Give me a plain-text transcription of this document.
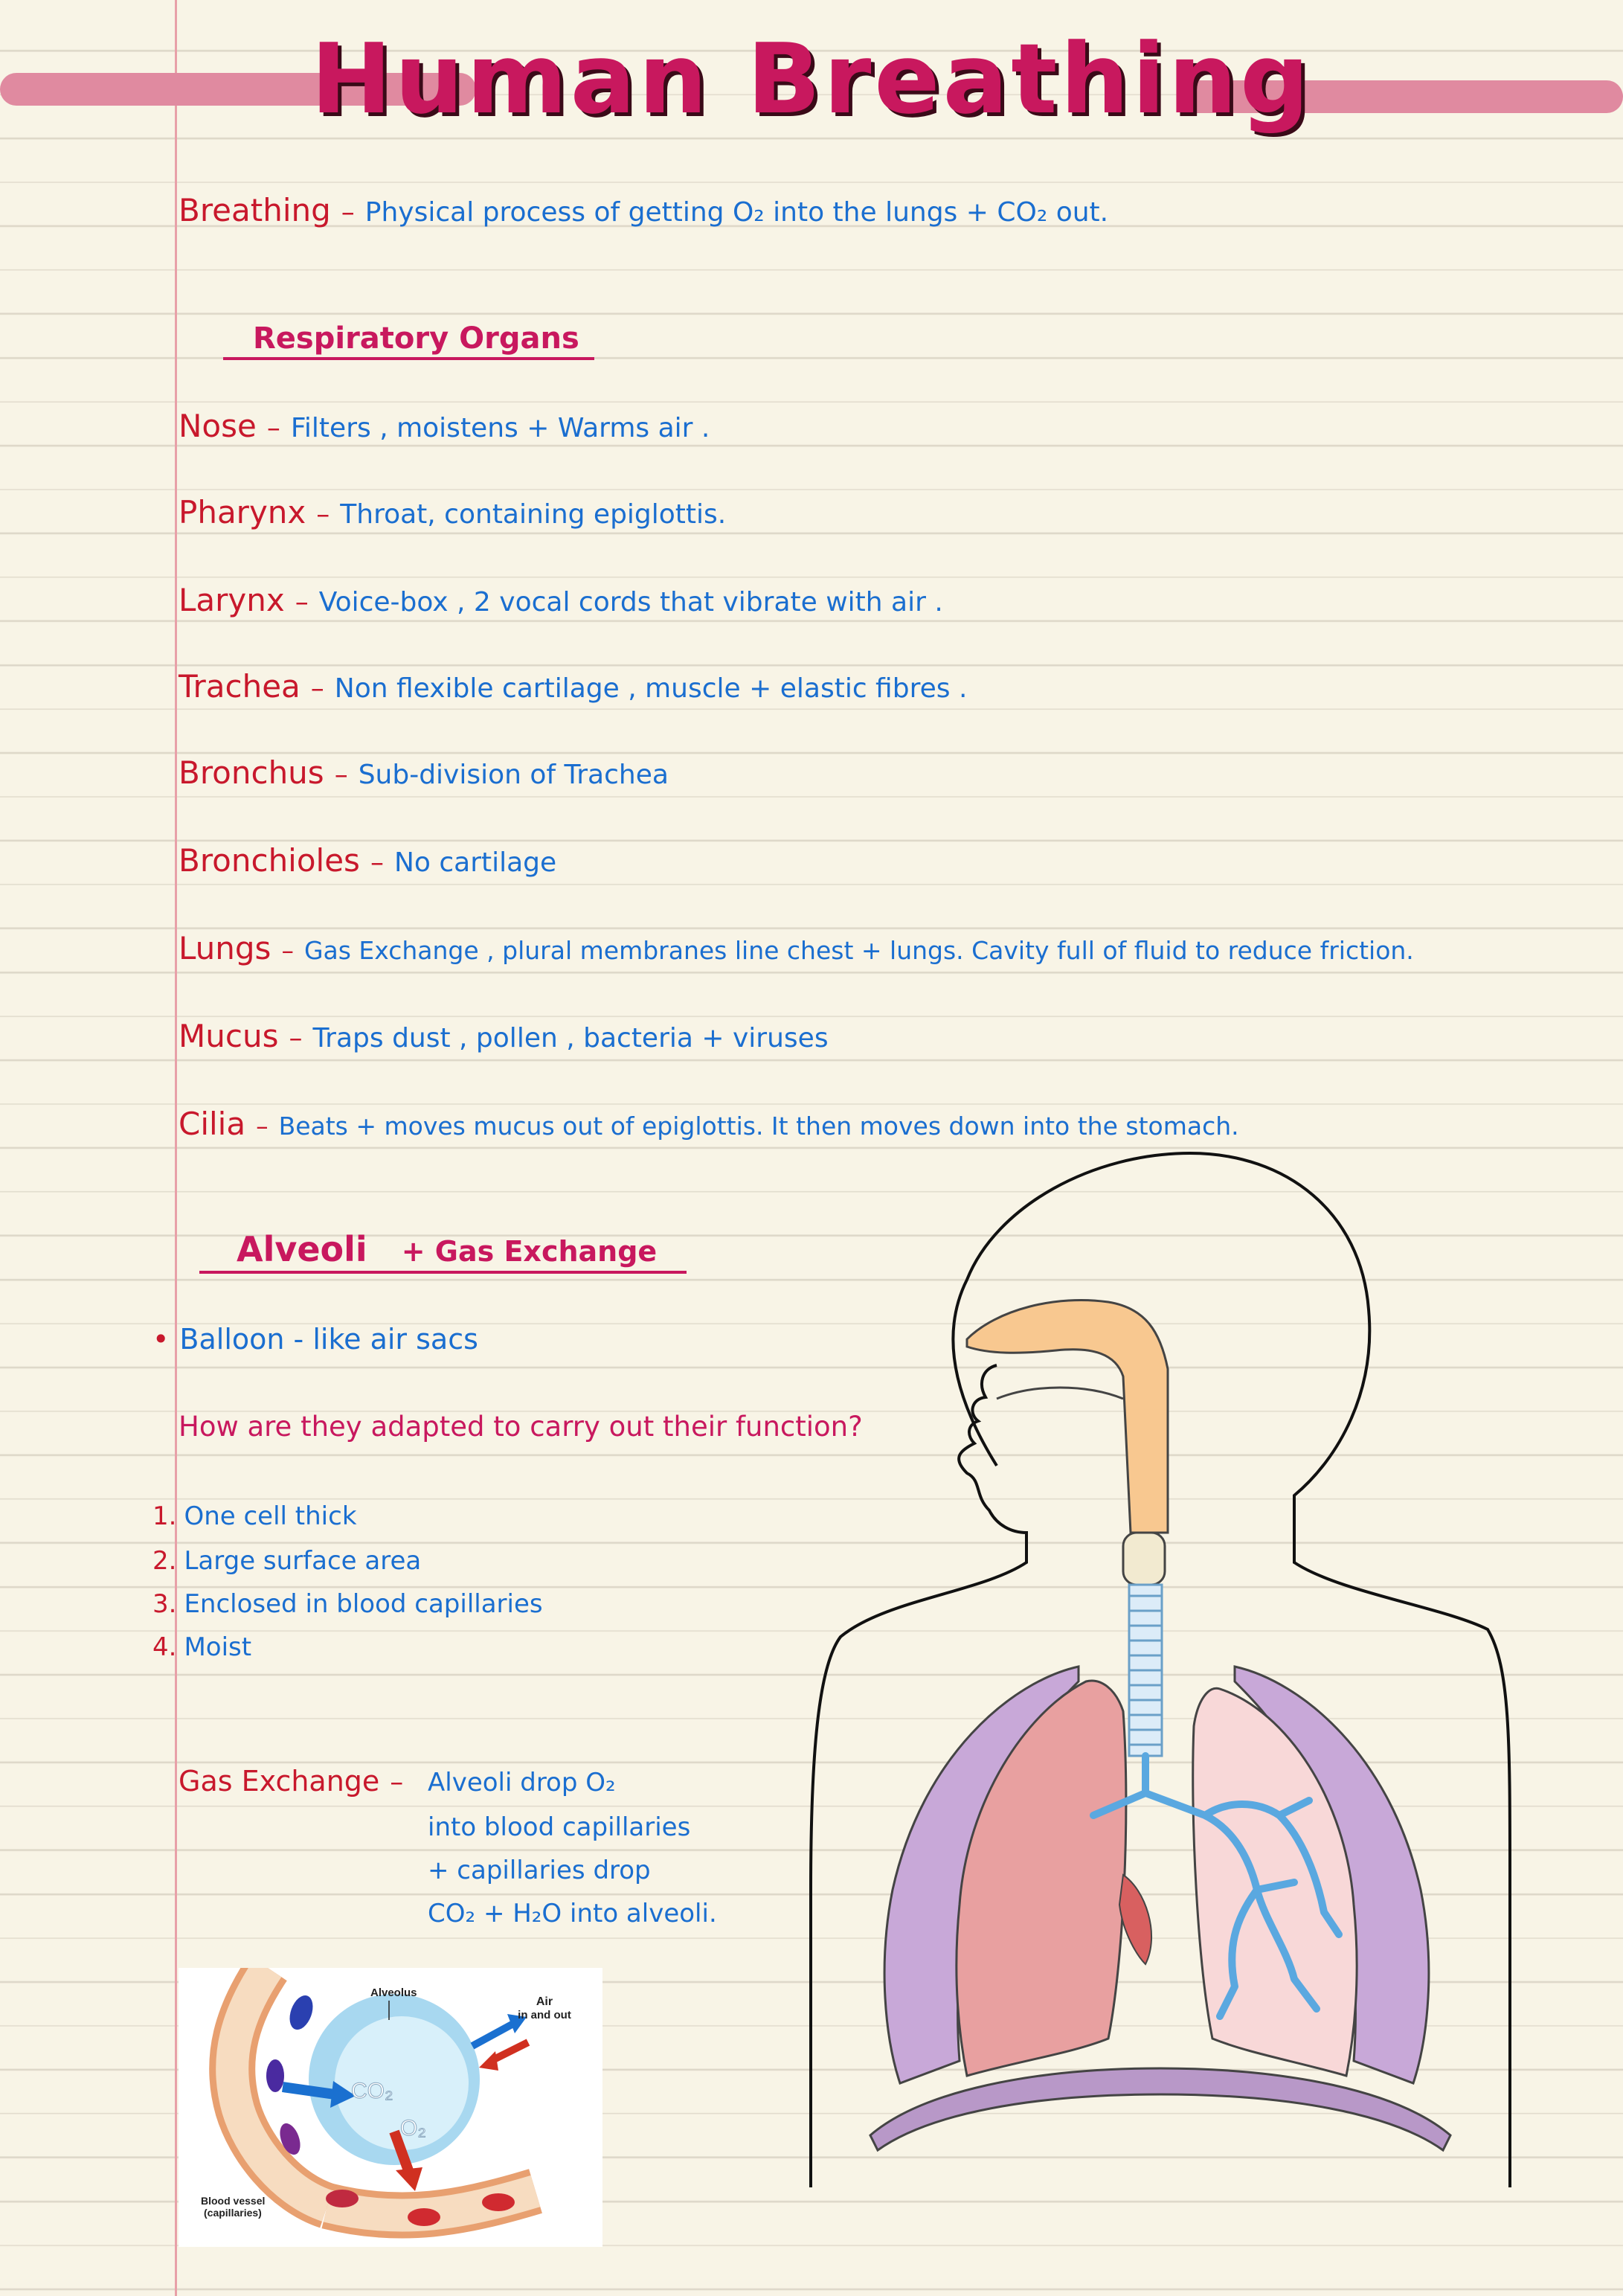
Human Breathing
Breathing – Physical process of getting O₂ into the lungs + CO₂ out.
Respiratory Organs
Nose – Filters , moistens + Warms air .
Pharynx – Throat, containing epiglottis.
Larynx – Voice-box , 2 vocal cords that vibrate with air .
Trachea – Non flexible cartilage , muscle + elastic fibres .
Bronchus – Sub-division of Trachea
Bronchioles – No cartilage
Lungs – Gas Exchange , plural membranes line chest + lungs. Cavity full of fluid to reduce friction.
Mucus – Traps dust , pollen , bacteria + viruses
Cilia – Beats + moves mucus out of epiglottis. It then moves down into the stomach.
Alveoli + Gas Exchange
• Balloon - like air sacs
How are they adapted to carry out their function?
1. One cell thick
2. Large surface area
3. Enclosed in blood capillaries
4. Moist
Gas Exchange – Alveoli drop O₂
into blood capillaries
+ capillaries drop
CO₂ + H₂O into alveoli.
Alveolus
Air
in and out
CO₂
O₂
Blood vessel
(capillaries)
